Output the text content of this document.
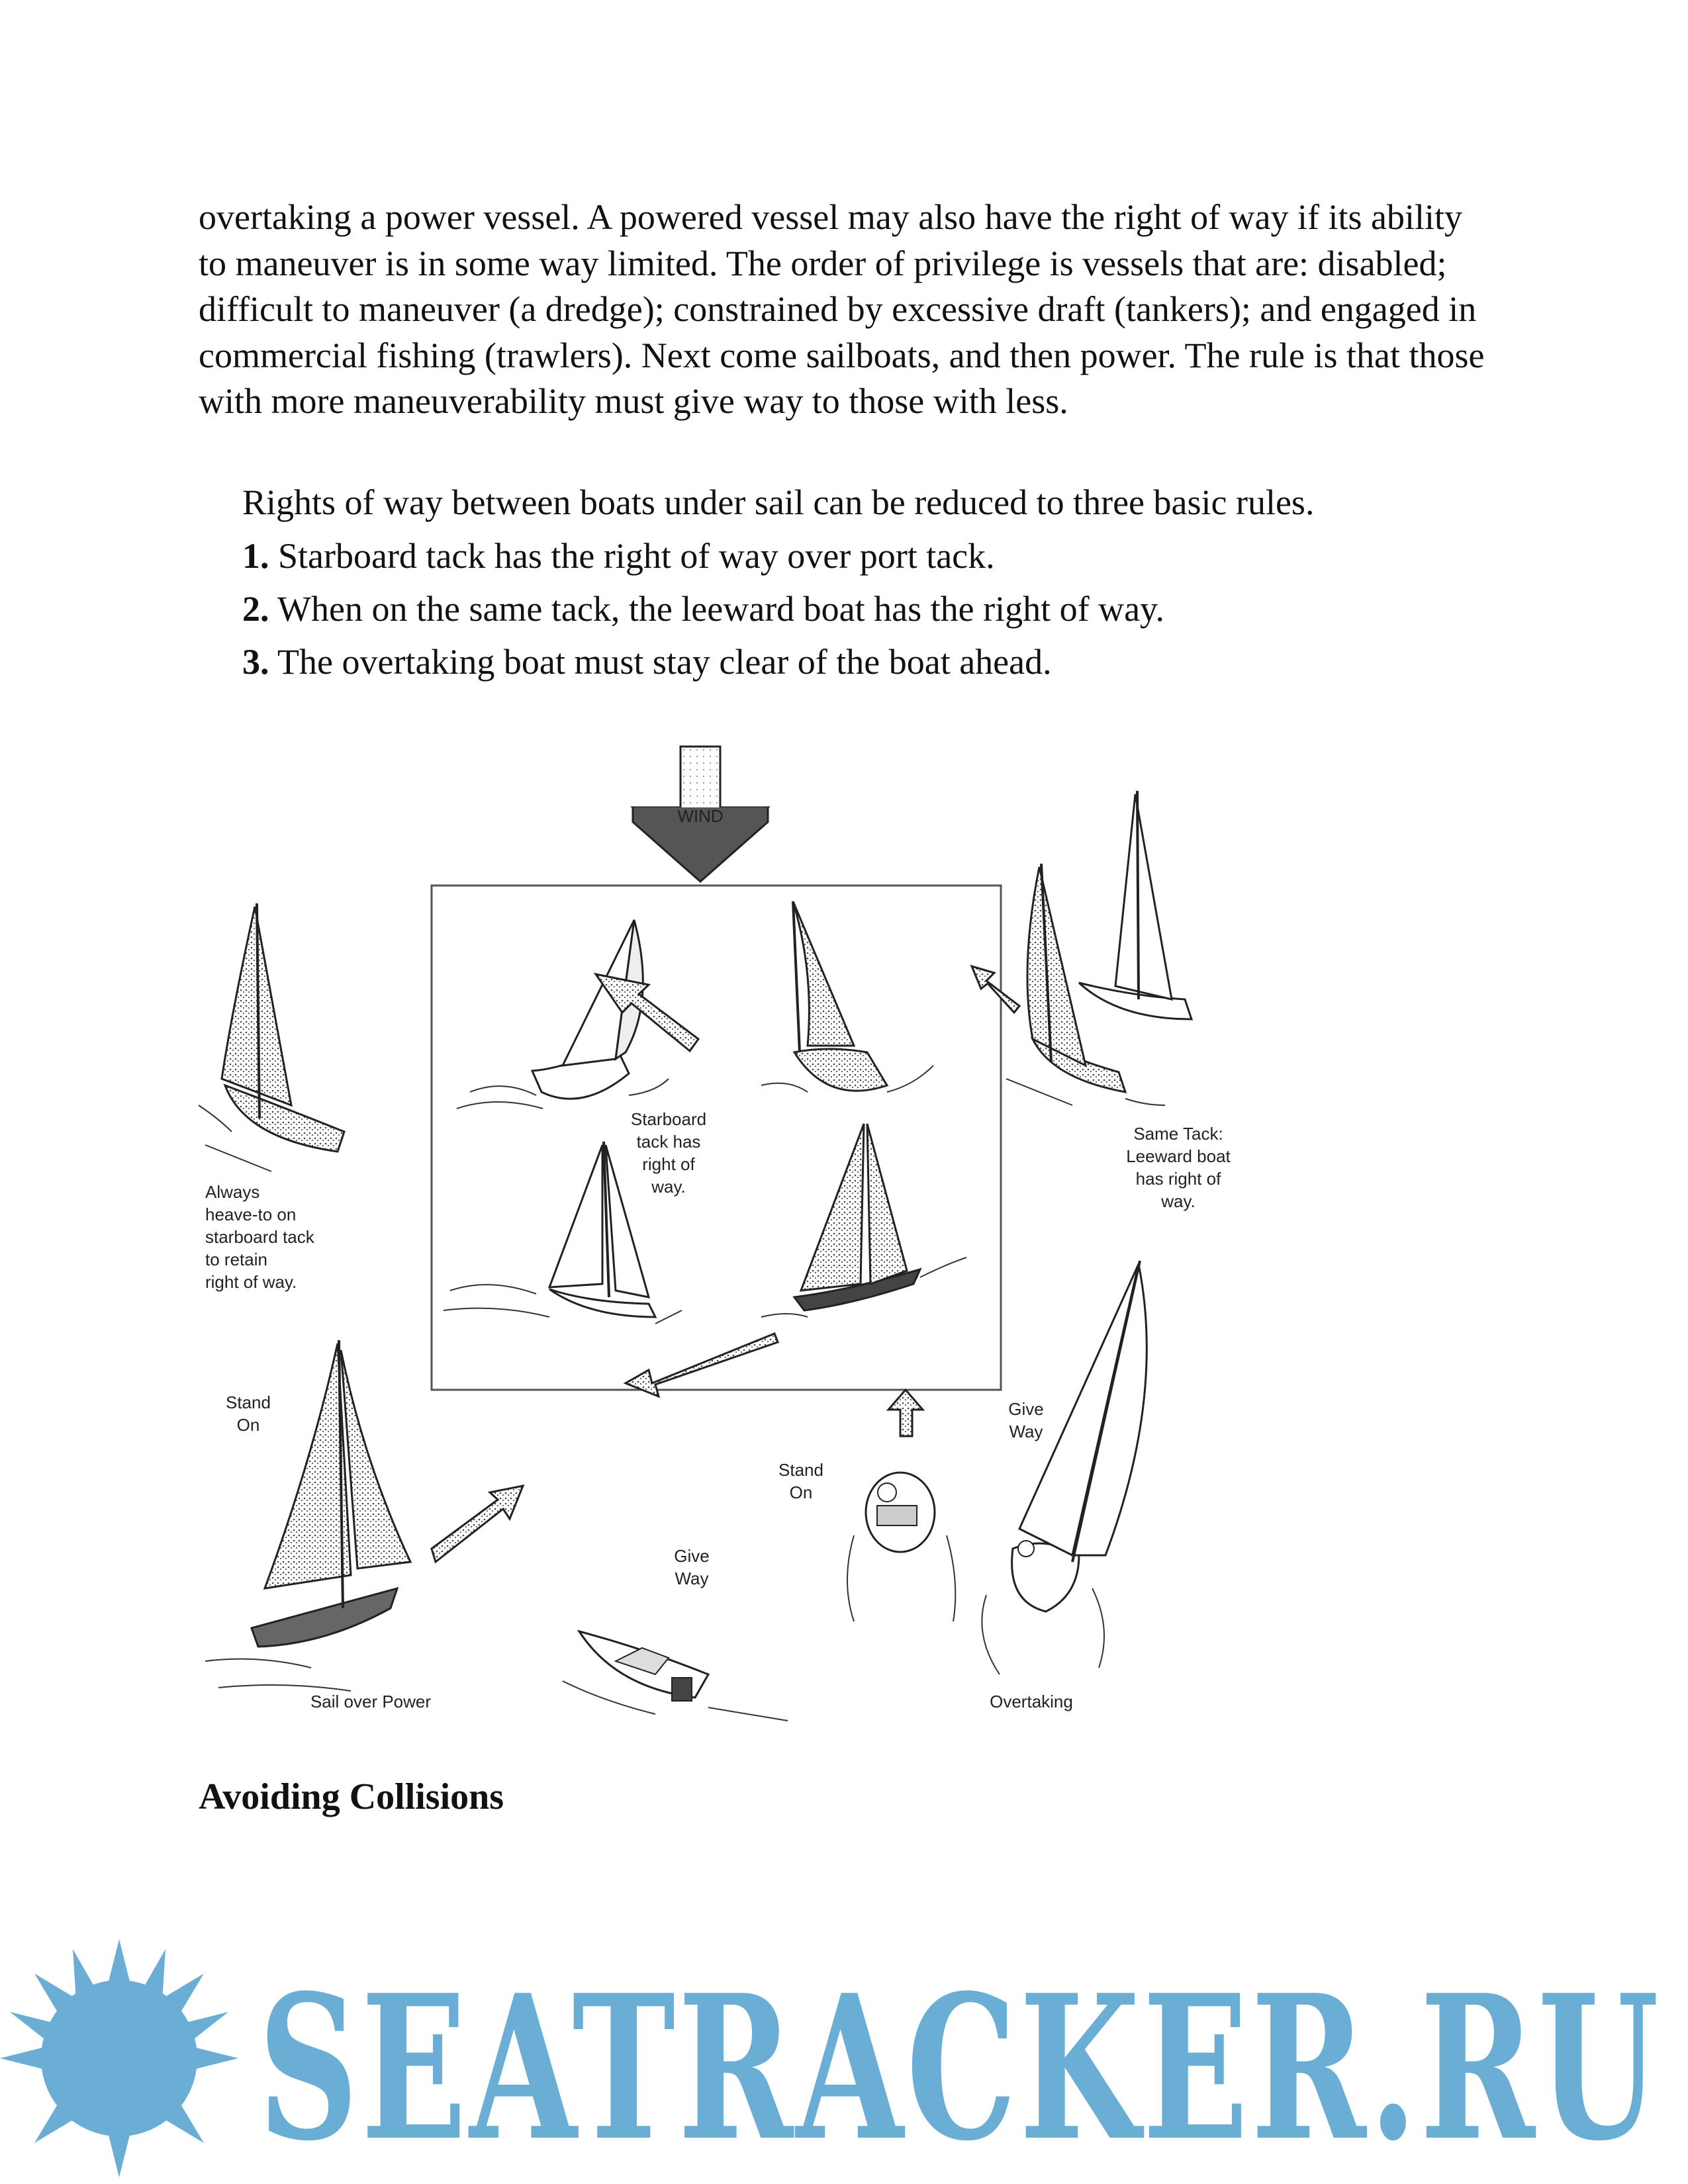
overtaking a power vessel. A powered vessel may also have the right of way if its ability to maneuver is in some way limited. The order of privilege is vessels that are: disabled; difficult to maneuver (a dredge); constrained by excessive draft (tankers); and engaged in commercial fishing (trawlers). Next come sailboats, and then power. The rule is that those with more maneuverability must give way to those with less.

Rights of way between boats under sail can be reduced to three basic rules.

1. Starboard tack has the right of way over port tack.

2. When on the same tack, the leeward boat has the right of way.

3. The overtaking boat must stay clear of the boat ahead.

WIND
Starboard
tack has
right of
way.
Always
heave-to on
starboard tack
to retain
right of way.
Same Tack:
Leeward boat
has right of
way.
Stand
On
Give
Way
Stand
On
Give
Way
Sail over Power	Overtaking

Avoiding Collisions

SEATRACKER.RU
